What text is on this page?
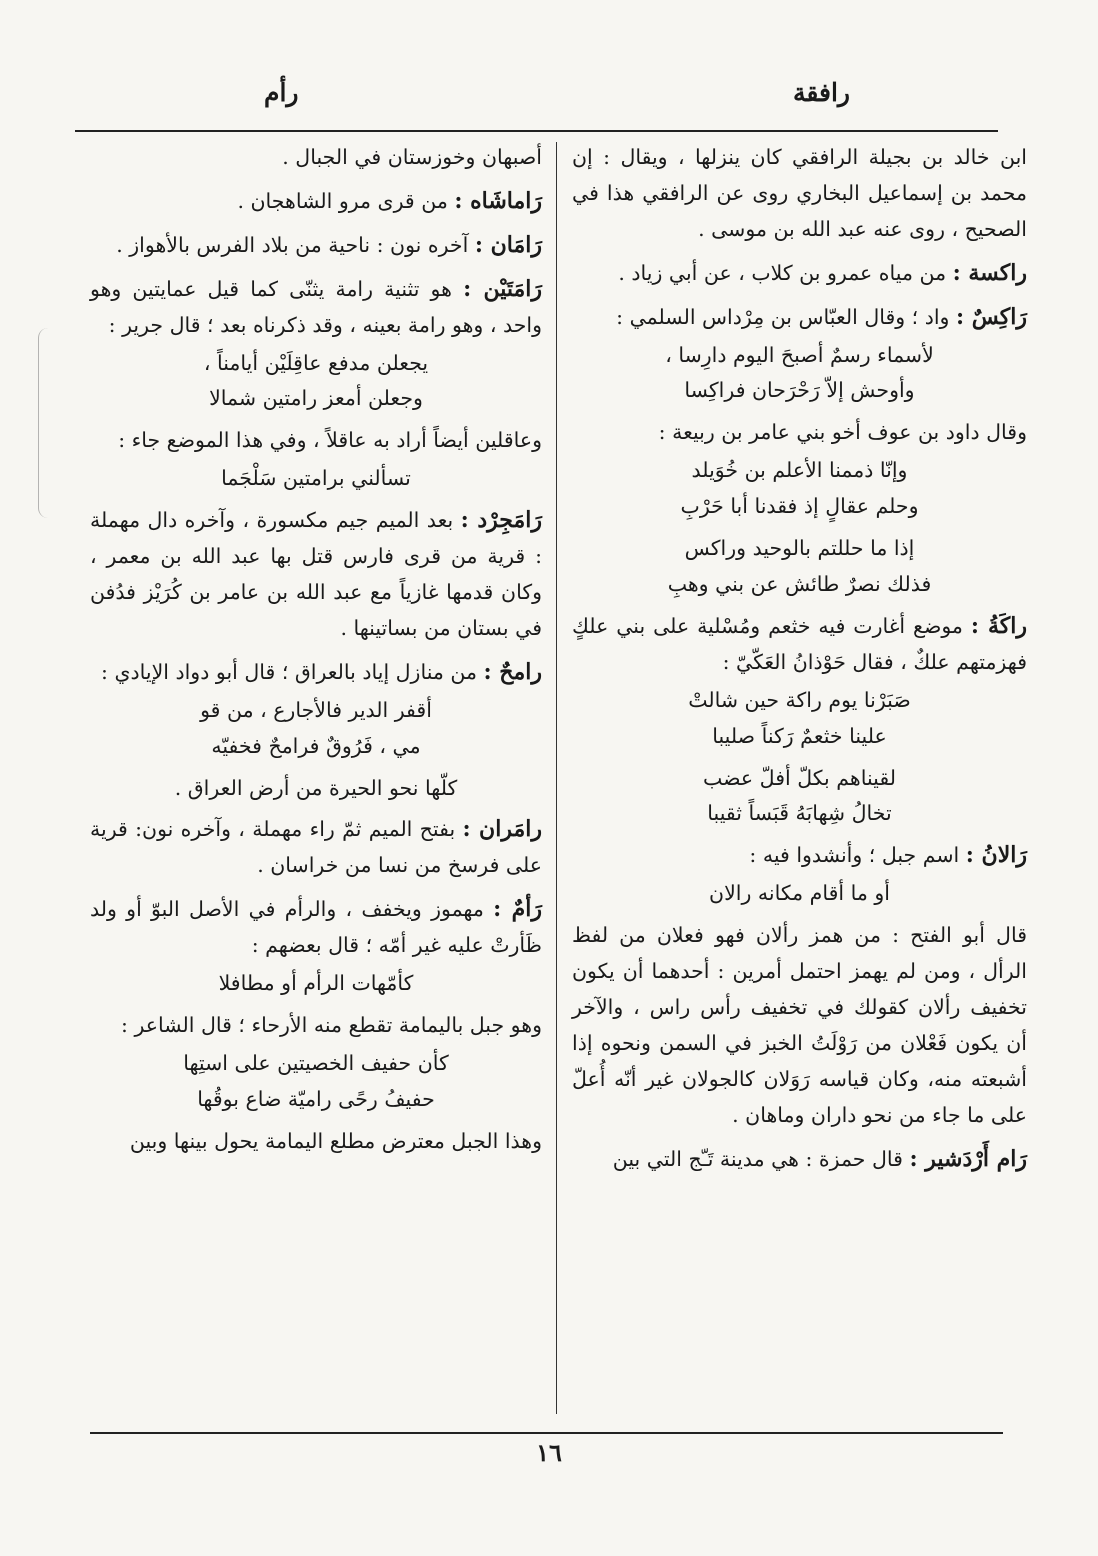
رافقة
رأم

ابن خالد بن بجيلة الرافقي كان ينزلها ، ويقال : إن محمد بن إسماعيل البخاري روى عن الرافقي هذا في الصحيح ، روى عنه عبد الله بن موسى .

راكسة : من مياه عمرو بن كلاب ، عن أبي زياد .

رَاكِسٌ : واد ؛ وقال العبّاس بن مِرْداس السلمي :

لأسماء رسمٌ أصبحَ اليوم دارِسا ،
وأوحش إلاّ رَحْرَحان فراكِسا

وقال داود بن عوف أخو بني عامر بن ربيعة :

وإنّا ذممنا الأعلم بن خُوَيلد
وحلم عقالٍ إذ فقدنا أبا حَرْبِ
إذا ما حللتم بالوحيد وراكس
فذلك نصرٌ طائش عن بني وهبِ

راكَةُ : موضع أغارت فيه خثعم ومُسْلية على بني علكٍ فهزمتهم علكٌ ، فقال حَوْذانُ العَكّيّ :

صَبَرْنا يوم راكة حين شالتْ
علينا خثعمٌ رَكناً صليبا
لقيناهم بكلّ أفلّ عضب
تخالُ شِهابَهُ قَبَساً ثقيبا

رَالانُ : اسم جبل ؛ وأنشدوا فيه :

أو ما أقام مكانه رالان

قال أبو الفتح : من همز رألان فهو فعلان من لفظ الرأل ، ومن لم يهمز احتمل أمرين : أحدهما أن يكون تخفيف رألان كقولك في تخفيف رأس راس ، والآخر أن يكون فَعْلان من رَوْلَتُ الخبز في السمن ونحوه إذا أشبعته منه، وكان قياسه رَوَلان كالجولان غير أنّه أُعلّ على ما جاء من نحو داران وماهان .

رَام أَرْدَشير : قال حمزة : هي مدينة تَـّج التي بين

أصبهان وخوزستان في الجبال .

رَاماشَاه : من قرى مرو الشاهجان .

رَامَان : آخره نون : ناحية من بلاد الفرس بالأهواز .

رَامَتَيْن : هو تثنية رامة يثنّى كما قيل عمايتين وهو واحد ، وهو رامة بعينه ، وقد ذكرناه بعد ؛ قال جرير :

يجعلن مدفع عاقِلَيْن أيامناً ،
وجعلن أمعز رامتين شمالا

وعاقلين أيضاً أراد به عاقلاً ، وفي هذا الموضع جاء :

تسألني برامتين سَلْجَما

رَامَجِرْد : بعد الميم جيم مكسورة ، وآخره دال مهملة : قرية من قرى فارس قتل بها عبد الله بن معمر ، وكان قدمها غازياً مع عبد الله بن عامر بن كُرَيْز فدُفن في بستان من بساتينها .

رامحٌ : من منازل إياد بالعراق ؛ قال أبو دواد الإيادي :

أقفر الدير فالأجارع ، من قو
مي ، فَرُوقٌ فرامحٌ فخفيّه
كلّها نحو الحيرة من أرض العراق .

رامَران : بفتح الميم ثمّ راء مهملة ، وآخره نون: قرية على فرسخ من نسا من خراسان .

رَأمٌ : مهموز ويخفف ، والرأم في الأصل البوّ أو ولد ظَأرتْ عليه غير أمّه ؛ قال بعضهم :

كأمّهات الرأم أو مطافلا

وهو جبل باليمامة تقطع منه الأرحاء ؛ قال الشاعر :

كأن حفيف الخصيتين على استِها
حفيفُ رحًى راميّة ضاع بوقُها

وهذا الجبل معترض مطلع اليمامة يحول بينها وبين

١٦
